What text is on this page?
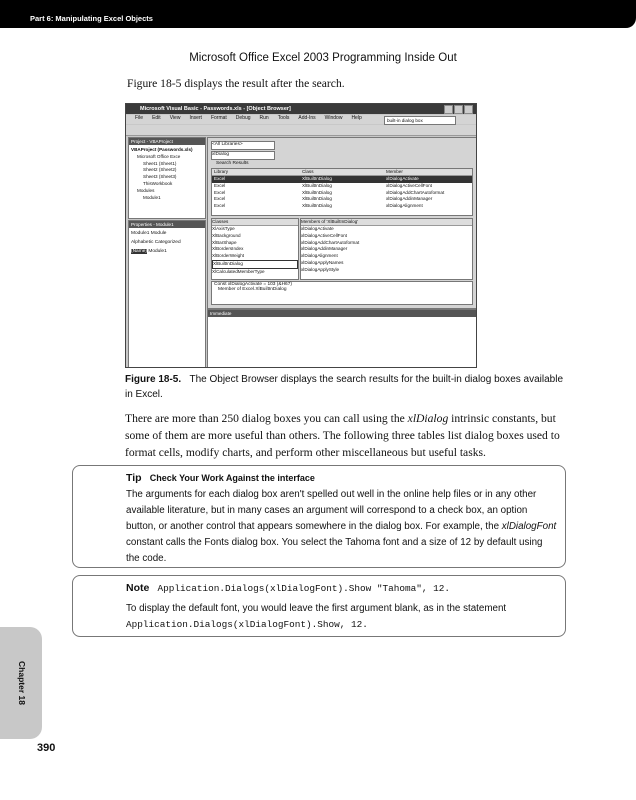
Part 6: Manipulating Excel Objects
Microsoft Office Excel 2003 Programming Inside Out
Figure 18-5 displays the result after the search.
Microsoft Visual Basic - Passwords.xls - [Object Browser]
File Edit View Insert Format Debug Run Tools Add-Ins Window Help	built-in dialog box
Project - VBAProject
VBAProject (Passwords.xls)
Microsoft Office Exce
Sheet1 (Sheet1)
Sheet2 (Sheet2)
Sheet3 (Sheet3)
ThisWorkbook
Modules
Module1
Properties - Module1
Module1 Module
Alphabetic Categorized
(Name) Module1
<All Libraries>
xlDialog
Search Results
Library	Class	Member
Excel	XlBuiltInDialog	xlDialogActivate
Excel	XlBuiltInDialog	xlDialogActiveCellFont
Excel	XlBuiltInDialog	xlDialogAddChartAutoformat
Excel	XlBuiltInDialog	xlDialogAddinManager
Excel	XlBuiltInDialog	xlDialogAlignment
Classes
XlAxisType
XlBackground
XlBarShape
XlBordersIndex
XlBorderWeight
XlBuiltInDialog
XlCalculatedMemberType
Members of 'XlBuiltInDialog'
xlDialogActivate
xlDialogActiveCellFont
xlDialogAddChartAutoformat
xlDialogAddinManager
xlDialogAlignment
xlDialogApplyNames
xlDialogApplyStyle
Const xlDialogActivate = 103 (&H67)
Member of Excel.XlBuiltInDialog
Immediate
Figure 18-5. The Object Browser displays the search results for the built-in dialog boxes available in Excel.
There are more than 250 dialog boxes you can call using the xlDialog intrinsic constants, but some of them are more useful than others. The following three tables list dialog boxes used to format cells, modify charts, and perform other miscellaneous but useful tasks.
Tip Check Your Work Against the interface
The arguments for each dialog box aren't spelled out well in the online help files or in any other available literature, but in many cases an argument will correspond to a check box, an option button, or another control that appears somewhere in the dialog box. For example, the xlDialogFont constant calls the Fonts dialog box. You select the Tahoma font and a size of 12 by default using the code.
Note Application.Dialogs(xlDialogFont).Show "Tahoma", 12.
To display the default font, you would leave the first argument blank, as in the statement
Application.Dialogs(xlDialogFont).Show, 12.
Chapter 18
390
